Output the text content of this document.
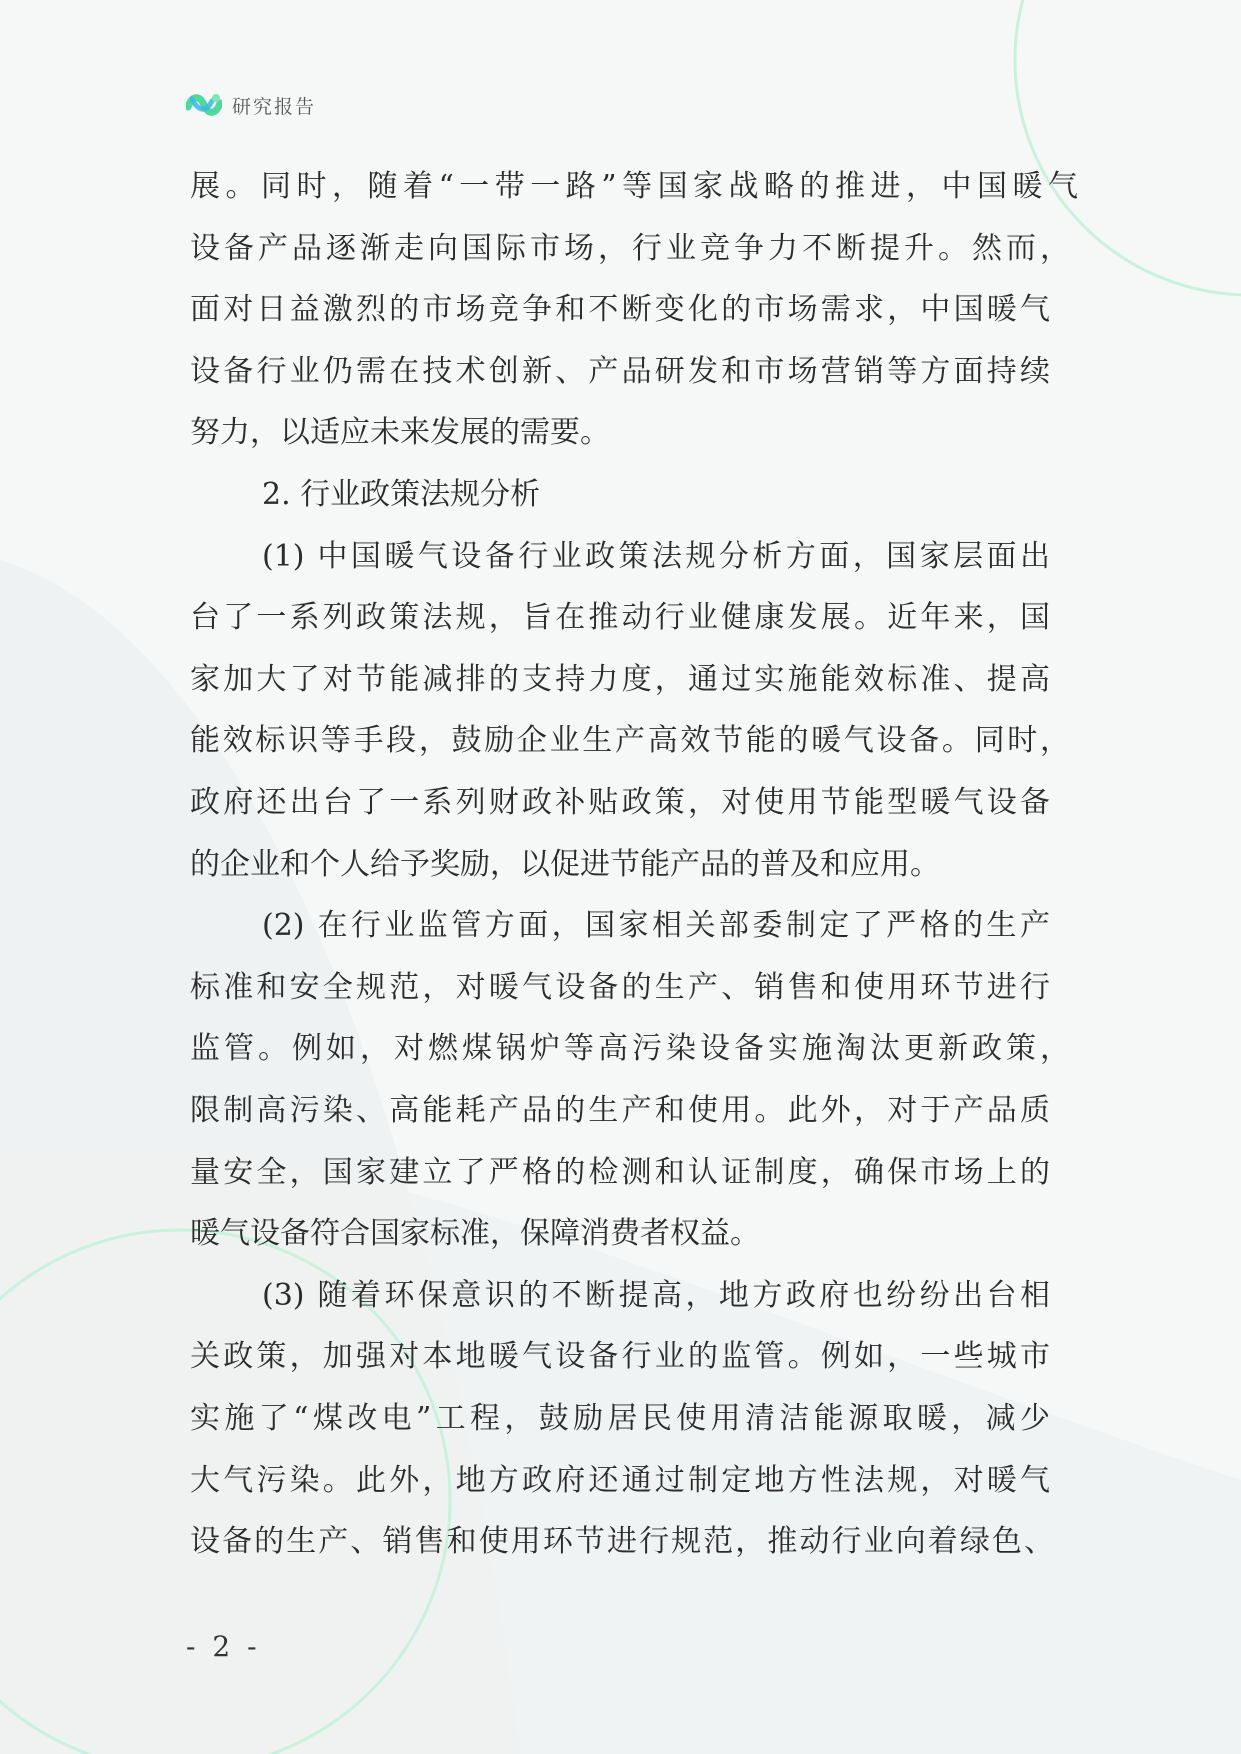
研究报告
展。同时，随着“一带一路”等国家战略的推进，中国暖气
设备产品逐渐走向国际市场，行业竞争力不断提升。然而，
面对日益激烈的市场竞争和不断变化的市场需求，中国暖气
设备行业仍需在技术创新、产品研发和市场营销等方面持续
努力，以适应未来发展的需要。
2. 行业政策法规分析
(1) 中国暖气设备行业政策法规分析方面，国家层面出
台了一系列政策法规，旨在推动行业健康发展。近年来，国
家加大了对节能减排的支持力度，通过实施能效标准、提高
能效标识等手段，鼓励企业生产高效节能的暖气设备。同时，
政府还出台了一系列财政补贴政策，对使用节能型暖气设备
的企业和个人给予奖励，以促进节能产品的普及和应用。
(2) 在行业监管方面，国家相关部委制定了严格的生产
标准和安全规范，对暖气设备的生产、销售和使用环节进行
监管。例如，对燃煤锅炉等高污染设备实施淘汰更新政策，
限制高污染、高能耗产品的生产和使用。此外，对于产品质
量安全，国家建立了严格的检测和认证制度，确保市场上的
暖气设备符合国家标准，保障消费者权益。
(3) 随着环保意识的不断提高，地方政府也纷纷出台相
关政策，加强对本地暖气设备行业的监管。例如，一些城市
实施了“煤改电”工程，鼓励居民使用清洁能源取暖，减少
大气污染。此外，地方政府还通过制定地方性法规，对暖气
设备的生产、销售和使用环节进行规范，推动行业向着绿色、
- 2 -
